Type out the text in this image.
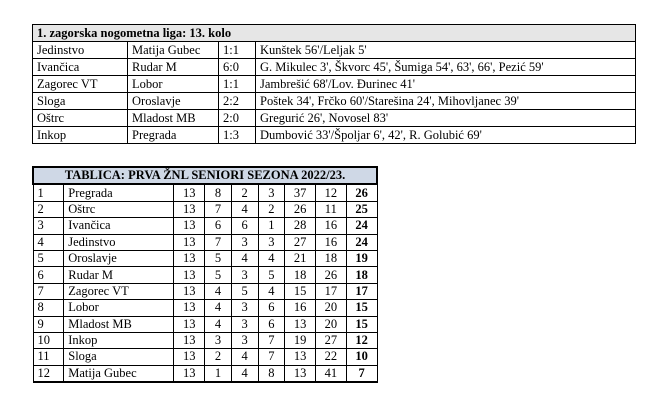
1. zagorska nogometna liga: 13. kolo			
Jedinstvo	Matija Gubec	1:1	Kunštek 56'/Leljak 5'
Ivančica	Rudar M	6:0	G. Mikulec 3', Škvorc 45', Šumiga 54', 63', 66', Pezić 59'
Zagorec VT	Lobor	1:1	Jambrešić 68'/Lov. Đurinec 41'
Sloga	Oroslavje	2:2	Poštek 34', Frčko 60'/Starešina 24', Mihovljanec 39'
Oštrc	Mladost MB	2:0	Gregurić 26', Novosel 83'
Inkop	Pregrada	1:3	Dumbović 33'/Špoljar 6', 42', R. Golubić 69'
TABLICA: PRVA ŽNL SENIORI SEZONA 2022/23.								
1	Pregrada	13	8	2	3	37	12	26
2	Oštrc	13	7	4	2	26	11	25
3	Ivančica	13	6	6	1	28	16	24
4	Jedinstvo	13	7	3	3	27	16	24
5	Oroslavje	13	5	4	4	21	18	19
6	Rudar M	13	5	3	5	18	26	18
7	Zagorec VT	13	4	5	4	15	17	17
8	Lobor	13	4	3	6	16	20	15
9	Mladost MB	13	4	3	6	13	20	15
10	Inkop	13	3	3	7	19	27	12
11	Sloga	13	2	4	7	13	22	10
12	Matija Gubec	13	1	4	8	13	41	7
